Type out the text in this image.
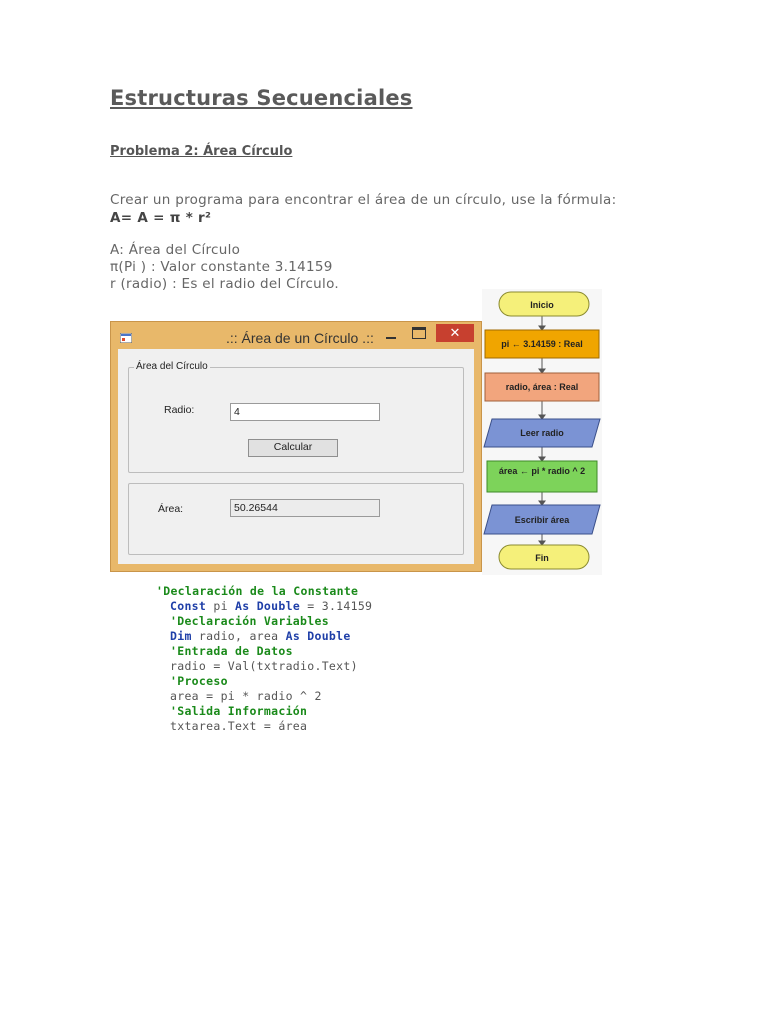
Estructuras Secuenciales
Problema 2: Área Círculo
Crear un programa para encontrar el área de un círculo, use la fórmula:
A= A = π * r²
A: Área del Círculo
π(Pi ) : Valor constante 3.14159
r (radio) : Es el radio del Círculo.
.:: Área de un Círculo .::	✕
Área del Círculo
Radio:	4
Calcular
Área:	50.26544
Inicio
pi ← 3.14159 : Real
radio, área : Real
Leer radio
área ← pi * radio ^ 2
Escribir área
Fin
'Declaración de la Constante
Const pi As Double = 3.14159
'Declaración Variables
Dim radio, area As Double
'Entrada de Datos
radio = Val(txtradio.Text)
'Proceso
area = pi * radio ^ 2
'Salida Información
txtarea.Text = área
